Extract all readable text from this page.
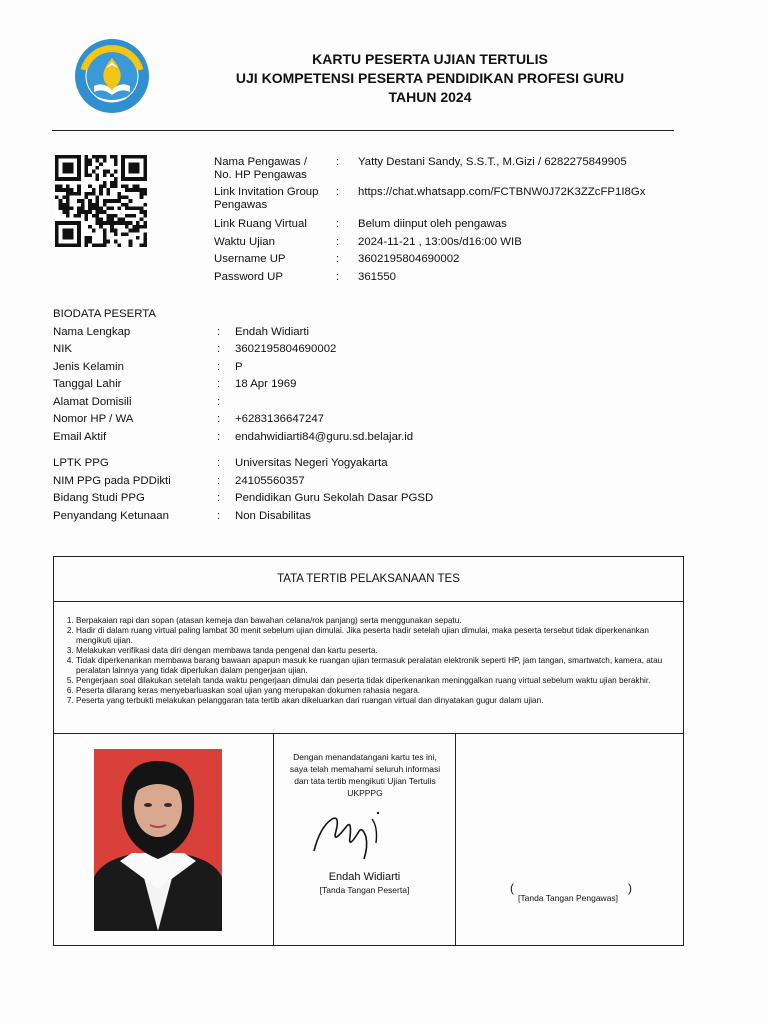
KARTU PESERTA UJIAN TERTULIS
UJI KOMPETENSI PESERTA PENDIDIKAN PROFESI GURU
TAHUN 2024
Nama Pengawas /
No. HP Pengawas
:	Yatty Destani Sandy, S.S.T., M.Gizi / 6282275849905
Link Invitation Group
Pengawas
:	https://chat.whatsapp.com/FCTBNW0J72K3ZZcFP1I8Gx
Link Ruang Virtual	:	Belum diinput oleh pengawas
Waktu Ujian	:	2024-11-21 , 13:00s/d16:00 WIB
Username UP	:	3602195804690002
Password UP	:	361550
BIODATA PESERTA
Nama Lengkap	:	Endah Widiarti
NIK	:	3602195804690002
Jenis Kelamin	:	P
Tanggal Lahir	:	18 Apr 1969
Alamat Domisili	:
Nomor HP / WA	:	+6283136647247
Email Aktif	:	endahwidiarti84@guru.sd.belajar.id
LPTK PPG	:	Universitas Negeri Yogyakarta
NIM PPG pada PDDikti	:	24105560357
Bidang Studi PPG	:	Pendidikan Guru Sekolah Dasar PGSD
Penyandang Ketunaan	:	Non Disabilitas
TATA TERTIB PELAKSANAAN TES
1. Berpakaian rapi dan sopan (atasan kemeja dan bawahan celana/rok panjang) serta menggunakan sepatu.
2. Hadir di dalam ruang virtual paling lambat 30 menit sebelum ujian dimulai. Jika peserta hadir setelah ujian dimulai, maka peserta tersebut tidak diperkenankan mengikuti ujian.
3. Melakukan verifikasi data diri dengan membawa tanda pengenal dan kartu peserta.
4. Tidak diperkenankan membawa barang bawaan apapun masuk ke ruangan ujian termasuk peralatan elektronik seperti HP, jam tangan, smartwatch, kamera, atau peralatan lainnya yang tidak diperlukan dalam pengerjaan ujian.
5. Pengerjaan soal dilakukan setelah tanda waktu pengerjaan dimulai dan peserta tidak diperkenankan meninggalkan ruang virtual sebelum waktu ujian berakhir.
6. Peserta dilarang keras menyebarluaskan soal ujian yang merupakan dokumen rahasia negara.
7. Peserta yang terbukti melakukan pelanggaran tata tertib akan dikeluarkan dari ruangan virtual dan dinyatakan gugur dalam ujian.
Dengan menandatangani kartu tes ini, saya telah memahami seluruh informasi dan tata tertib mengikuti Ujian Tertulis UKPPPG
Endah Widiarti
[Tanda Tangan Peserta]	(	)
[Tanda Tangan Pengawas]
